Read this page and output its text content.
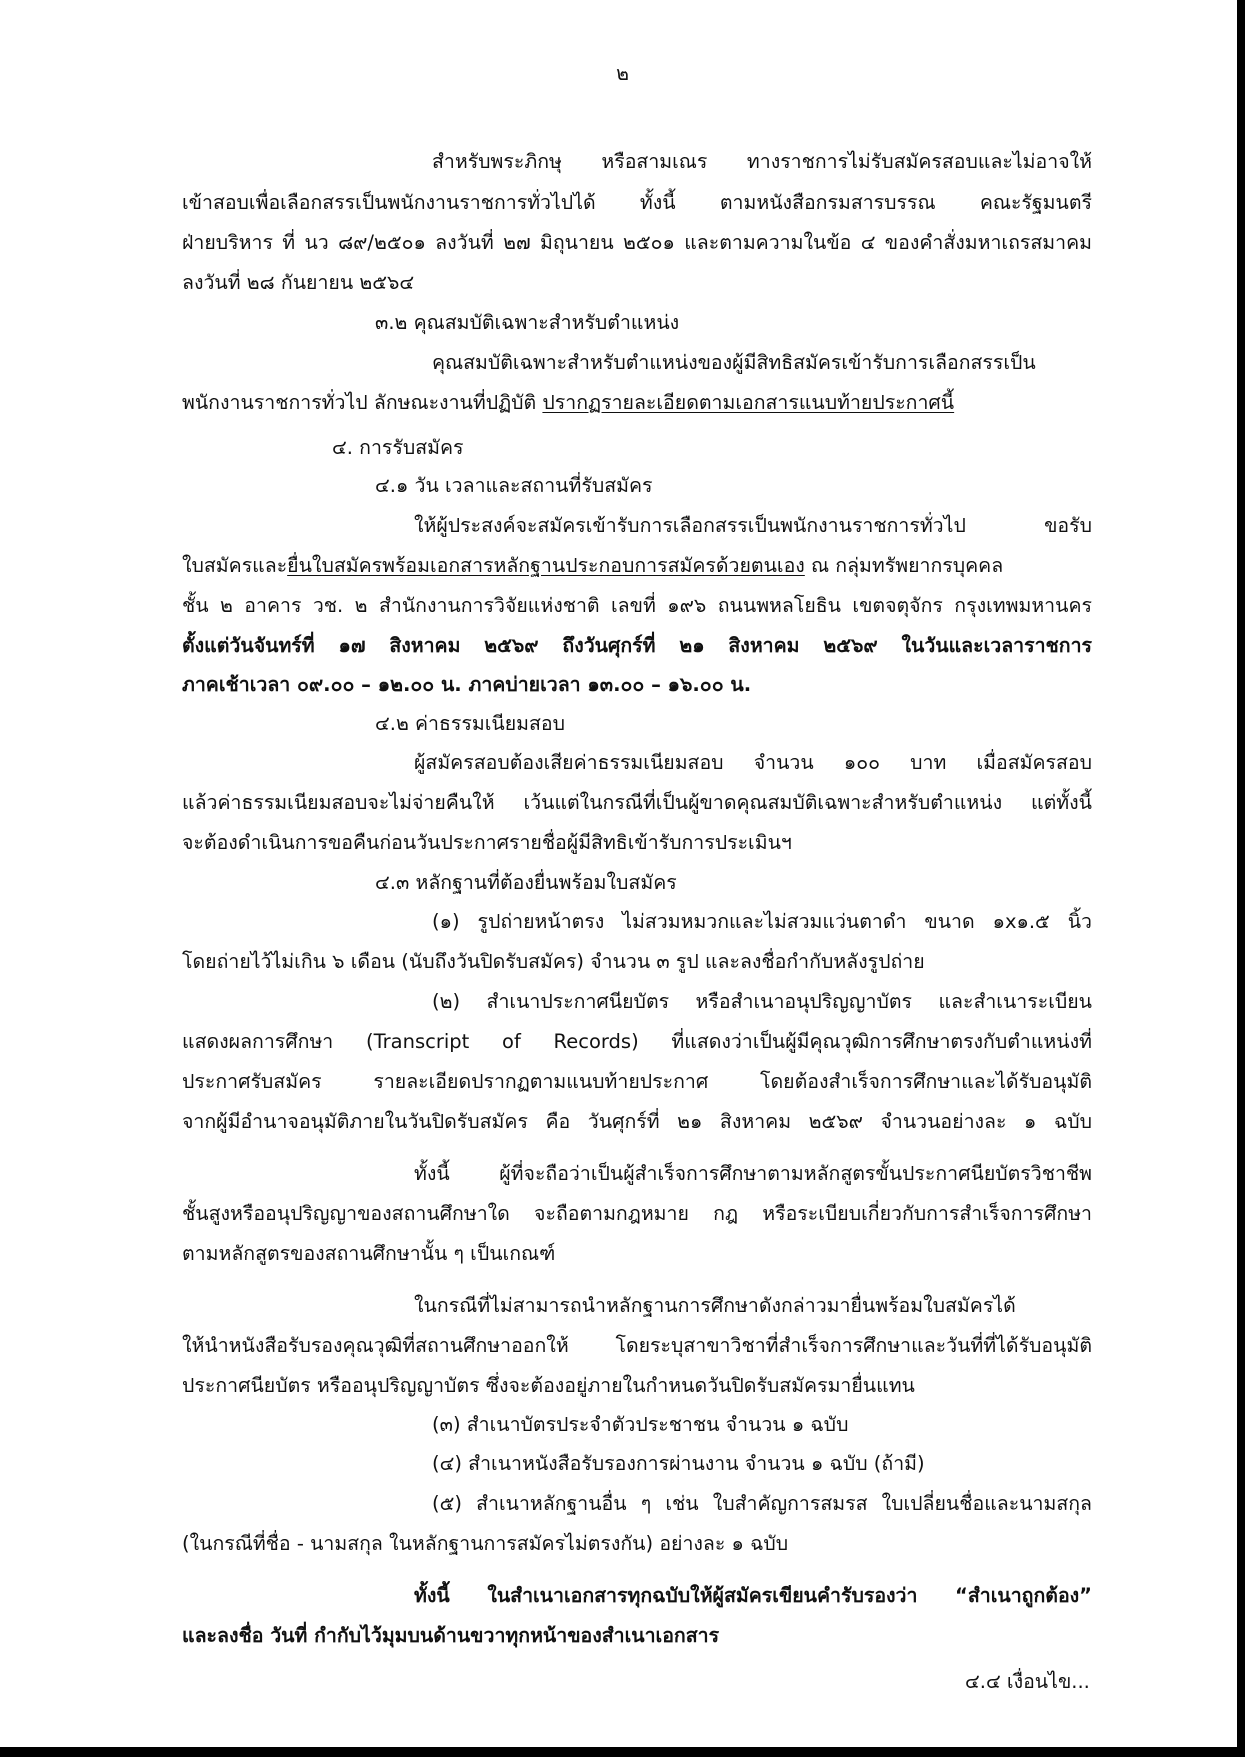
๒
สำหรับพระภิกษุ หรือสามเณร ทางราชการไม่รับสมัครสอบและไม่อาจให้
เข้าสอบเพื่อเลือกสรรเป็นพนักงานราชการทั่วไปได้ ทั้งนี้ ตามหนังสือกรมสารบรรณ คณะรัฐมนตรี
ฝ่ายบริหาร ที่ นว ๘๙/๒๕๐๑ ลงวันที่ ๒๗ มิถุนายน ๒๕๐๑ และตามความในข้อ ๔ ของคำสั่งมหาเถรสมาคม
ลงวันที่ ๒๘ กันยายน ๒๕๖๔
๓.๒ คุณสมบัติเฉพาะสำหรับตำแหน่ง
คุณสมบัติเฉพาะสำหรับตำแหน่งของผู้มีสิทธิสมัครเข้ารับการเลือกสรรเป็น
พนักงานราชการทั่วไป ลักษณะงานที่ปฏิบัติ ปรากฏรายละเอียดตามเอกสารแนบท้ายประกาศนี้
๔. การรับสมัคร
๔.๑ วัน เวลาและสถานที่รับสมัคร
ให้ผู้ประสงค์จะสมัครเข้ารับการเลือกสรรเป็นพนักงานราชการทั่วไป ขอรับ
ใบสมัครและยื่นใบสมัครพร้อมเอกสารหลักฐานประกอบการสมัครด้วยตนเอง ณ กลุ่มทรัพยากรบุคคล
ชั้น ๒ อาคาร วช. ๒ สำนักงานการวิจัยแห่งชาติ เลขที่ ๑๙๖ ถนนพหลโยธิน เขตจตุจักร กรุงเทพมหานคร
ตั้งแต่วันจันทร์ที่ ๑๗ สิงหาคม ๒๕๖๙ ถึงวันศุกร์ที่ ๒๑ สิงหาคม ๒๕๖๙ ในวันและเวลาราชการ
ภาคเช้าเวลา ๐๙.๐๐ – ๑๒.๐๐ น. ภาคบ่ายเวลา ๑๓.๐๐ – ๑๖.๐๐ น.
๔.๒ ค่าธรรมเนียมสอบ
ผู้สมัครสอบต้องเสียค่าธรรมเนียมสอบ จำนวน ๑๐๐ บาท เมื่อสมัครสอบ
แล้วค่าธรรมเนียมสอบจะไม่จ่ายคืนให้ เว้นแต่ในกรณีที่เป็นผู้ขาดคุณสมบัติเฉพาะสำหรับตำแหน่ง แต่ทั้งนี้
จะต้องดำเนินการขอคืนก่อนวันประกาศรายชื่อผู้มีสิทธิเข้ารับการประเมินฯ
๔.๓ หลักฐานที่ต้องยื่นพร้อมใบสมัคร
(๑) รูปถ่ายหน้าตรง ไม่สวมหมวกและไม่สวมแว่นตาดำ ขนาด ๑x๑.๕ นิ้ว
โดยถ่ายไว้ไม่เกิน ๖ เดือน (นับถึงวันปิดรับสมัคร) จำนวน ๓ รูป และลงชื่อกำกับหลังรูปถ่าย
(๒) สำเนาประกาศนียบัตร หรือสำเนาอนุปริญญาบัตร และสำเนาระเบียน
แสดงผลการศึกษา (Transcript of Records) ที่แสดงว่าเป็นผู้มีคุณวุฒิการศึกษาตรงกับตำแหน่งที่
ประกาศรับสมัคร รายละเอียดปรากฏตามแนบท้ายประกาศ โดยต้องสำเร็จการศึกษาและได้รับอนุมัติ
จากผู้มีอำนาจอนุมัติภายในวันปิดรับสมัคร คือ วันศุกร์ที่ ๒๑ สิงหาคม ๒๕๖๙ จำนวนอย่างละ ๑ ฉบับ
ทั้งนี้ ผู้ที่จะถือว่าเป็นผู้สำเร็จการศึกษาตามหลักสูตรขั้นประกาศนียบัตรวิชาชีพ
ชั้นสูงหรืออนุปริญญาของสถานศึกษาใด จะถือตามกฎหมาย กฎ หรือระเบียบเกี่ยวกับการสำเร็จการศึกษา
ตามหลักสูตรของสถานศึกษานั้น ๆ เป็นเกณฑ์
ในกรณีที่ไม่สามารถนำหลักฐานการศึกษาดังกล่าวมายื่นพร้อมใบสมัครได้
ให้นำหนังสือรับรองคุณวุฒิที่สถานศึกษาออกให้ โดยระบุสาขาวิชาที่สำเร็จการศึกษาและวันที่ที่ได้รับอนุมัติ
ประกาศนียบัตร หรืออนุปริญญาบัตร ซึ่งจะต้องอยู่ภายในกำหนดวันปิดรับสมัครมายื่นแทน
(๓) สำเนาบัตรประจำตัวประชาชน จำนวน ๑ ฉบับ
(๔) สำเนาหนังสือรับรองการผ่านงาน จำนวน ๑ ฉบับ (ถ้ามี)
(๕) สำเนาหลักฐานอื่น ๆ เช่น ใบสำคัญการสมรส ใบเปลี่ยนชื่อและนามสกุล
(ในกรณีที่ชื่อ - นามสกุล ในหลักฐานการสมัครไม่ตรงกัน) อย่างละ ๑ ฉบับ
ทั้งนี้ ในสำเนาเอกสารทุกฉบับให้ผู้สมัครเขียนคำรับรองว่า “สำเนาถูกต้อง”
และลงชื่อ วันที่ กำกับไว้มุมบนด้านขวาทุกหน้าของสำเนาเอกสาร
๔.๔ เงื่อนไข...
